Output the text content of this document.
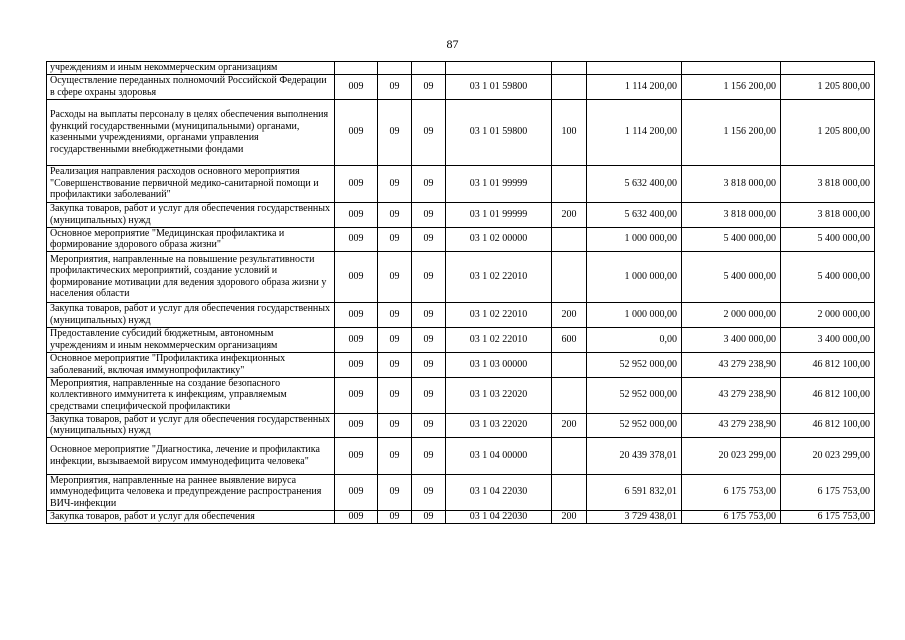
87
учреждениям и иным некоммерческим организациям								
Осуществление переданных полномочий Российской Федерации в сфере охраны здоровья	009	09	09	03 1 01 59800		1 114 200,00	1 156 200,00	1 205 800,00
Расходы на выплаты персоналу в целях обеспечения выполнения функций государственными (муниципальными) органами, казенными учреждениями, органами управления государственными внебюджетными фондами	009	09	09	03 1 01 59800	100	1 114 200,00	1 156 200,00	1 205 800,00
Реализация направления расходов основного мероприятия "Совершенствование первичной медико-санитарной помощи и профилактики заболеваний"	009	09	09	03 1 01 99999		5 632 400,00	3 818 000,00	3 818 000,00
Закупка товаров, работ и услуг для обеспечения государственных (муниципальных) нужд	009	09	09	03 1 01 99999	200	5 632 400,00	3 818 000,00	3 818 000,00
Основное мероприятие "Медицинская профилактика и формирование здорового образа жизни"	009	09	09	03 1 02 00000		1 000 000,00	5 400 000,00	5 400 000,00
Мероприятия, направленные на повышение результативности профилактических мероприятий, создание условий и формирование мотивации для ведения здорового образа жизни у населения области	009	09	09	03 1 02 22010		1 000 000,00	5 400 000,00	5 400 000,00
Закупка товаров, работ и услуг для обеспечения государственных (муниципальных) нужд	009	09	09	03 1 02 22010	200	1 000 000,00	2 000 000,00	2 000 000,00
Предоставление субсидий бюджетным, автономным учреждениям и иным некоммерческим организациям	009	09	09	03 1 02 22010	600	0,00	3 400 000,00	3 400 000,00
Основное мероприятие "Профилактика инфекционных заболеваний, включая иммунопрофилактику"	009	09	09	03 1 03 00000		52 952 000,00	43 279 238,90	46 812 100,00
Мероприятия, направленные на создание безопасного коллективного иммунитета к инфекциям, управляемым средствами специфической профилактики	009	09	09	03 1 03 22020		52 952 000,00	43 279 238,90	46 812 100,00
Закупка товаров, работ и услуг для обеспечения государственных (муниципальных) нужд	009	09	09	03 1 03 22020	200	52 952 000,00	43 279 238,90	46 812 100,00
Основное мероприятие "Диагностика, лечение и профилактика инфекции, вызываемой вирусом иммунодефицита человека"	009	09	09	03 1 04 00000		20 439 378,01	20 023 299,00	20 023 299,00
Мероприятия, направленные на раннее выявление вируса иммунодефицита человека и предупреждение распространения ВИЧ-инфекции	009	09	09	03 1 04 22030		6 591 832,01	6 175 753,00	6 175 753,00
Закупка товаров, работ и услуг для обеспечения	009	09	09	03 1 04 22030	200	3 729 438,01	6 175 753,00	6 175 753,00
